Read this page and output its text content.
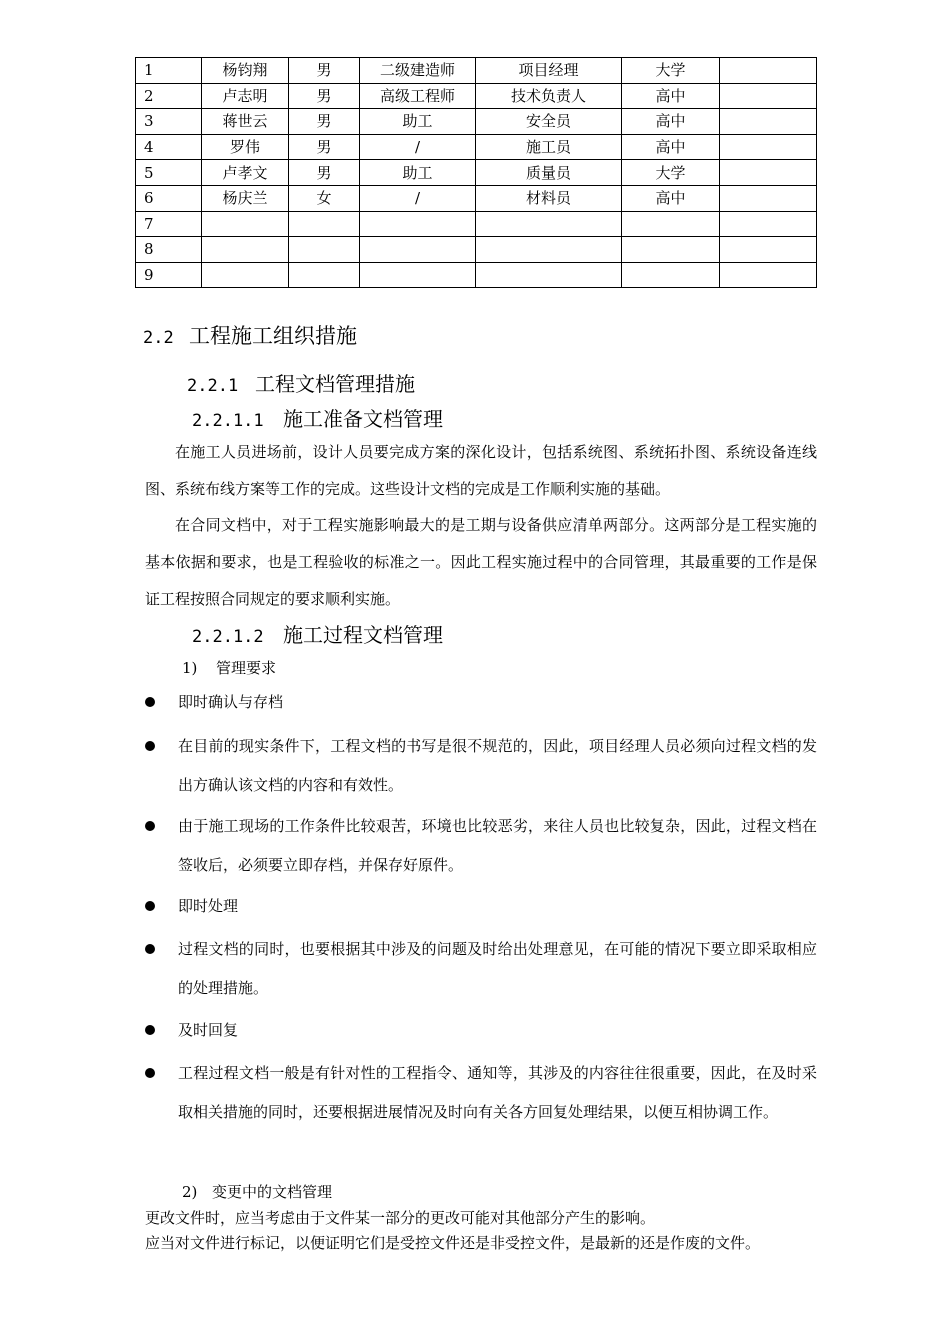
1	杨钧翔	男	二级建造师	项目经理	大学	
2	卢志明	男	高级工程师	技术负责人	高中	
3	蒋世云	男	助工	安全员	高中	
4	罗伟	男	/	施工员	高中	
5	卢孝文	男	助工	质量员	大学	
6	杨庆兰	女	/	材料员	高中	
7						
8						
9						
2.2 工程施工组织措施
2.2.1 工程文档管理措施
2.2.1.1 施工准备文档管理

在施工人员进场前，设计人员要完成方案的深化设计，包括系统图、系统拓扑图、系统设备连线图、系统布线方案等工作的完成。这些设计文档的完成是工作顺利实施的基础。

在合同文档中，对于工程实施影响最大的是工期与设备供应清单两部分。这两部分是工程实施的基本依据和要求，也是工程验收的标准之一。因此工程实施过程中的合同管理，其最重要的工作是保证工程按照合同规定的要求顺利实施。

2.2.1.2 施工过程文档管理
1) 管理要求
即时确认与存档
在目前的现实条件下，工程文档的书写是很不规范的，因此，项目经理人员必须向过程文档的发出方确认该文档的内容和有效性。
由于施工现场的工作条件比较艰苦，环境也比较恶劣，来往人员也比较复杂，因此，过程文档在签收后，必须要立即存档，并保存好原件。
即时处理
过程文档的同时，也要根据其中涉及的问题及时给出处理意见，在可能的情况下要立即采取相应的处理措施。
及时回复
工程过程文档一般是有针对性的工程指令、通知等，其涉及的内容往往很重要，因此，在及时采取相关措施的同时，还要根据进展情况及时向有关各方回复处理结果，以便互相协调工作。
2) 变更中的文档管理
更改文件时，应当考虑由于文件某一部分的更改可能对其他部分产生的影响。
应当对文件进行标记，以便证明它们是受控文件还是非受控文件，是最新的还是作废的文件。
